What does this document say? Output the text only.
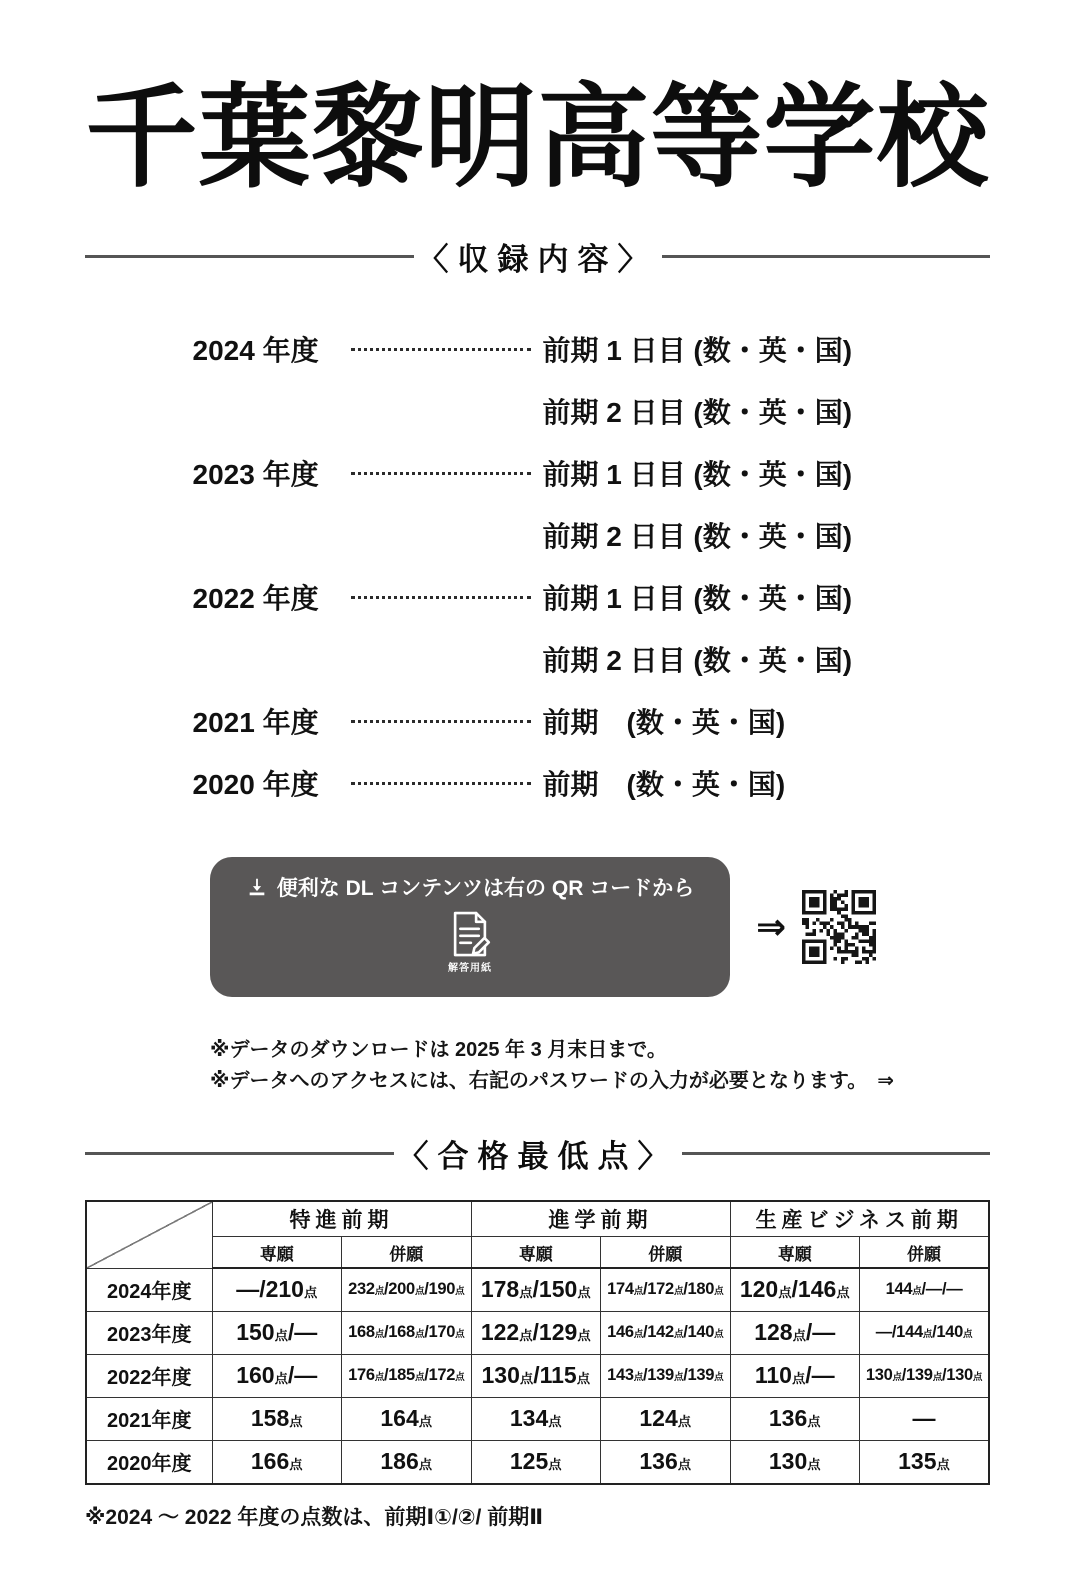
千葉黎明高等学校
〈収録内容〉
2024 年度	前期 1 日目 (数・英・国)
前期 2 日目 (数・英・国)
2023 年度	前期 1 日目 (数・英・国)
前期 2 日目 (数・英・国)
2022 年度	前期 1 日目 (数・英・国)
前期 2 日目 (数・英・国)
2021 年度	前期　(数・英・国)
2020 年度	前期　(数・英・国)
便利な DL コンテンツは右の QR コードから
解答用紙
⇒
※データのダウンロードは 2025 年 3 月末日まで。
※データへのアクセスには、右記のパスワードの入力が必要となります。　⇒
〈合格最低点〉
	特進前期		進学前期		生産ビジネス前期	
	専願	併願	専願	併願	専願	併願
2024年度	—/210点	232点/200点/190点	178点/150点	174点/172点/180点	120点/146点	144点/—/—
2023年度	150点/—	168点/168点/170点	122点/129点	146点/142点/140点	128点/—	—/144点/140点
2022年度	160点/—	176点/185点/172点	130点/115点	143点/139点/139点	110点/—	130点/139点/130点
2021年度	158点	164点	134点	124点	136点	—
2020年度	166点	186点	125点	136点	130点	135点
※2024 〜 2022 年度の点数は、前期Ⅰ①/②/ 前期Ⅱ
